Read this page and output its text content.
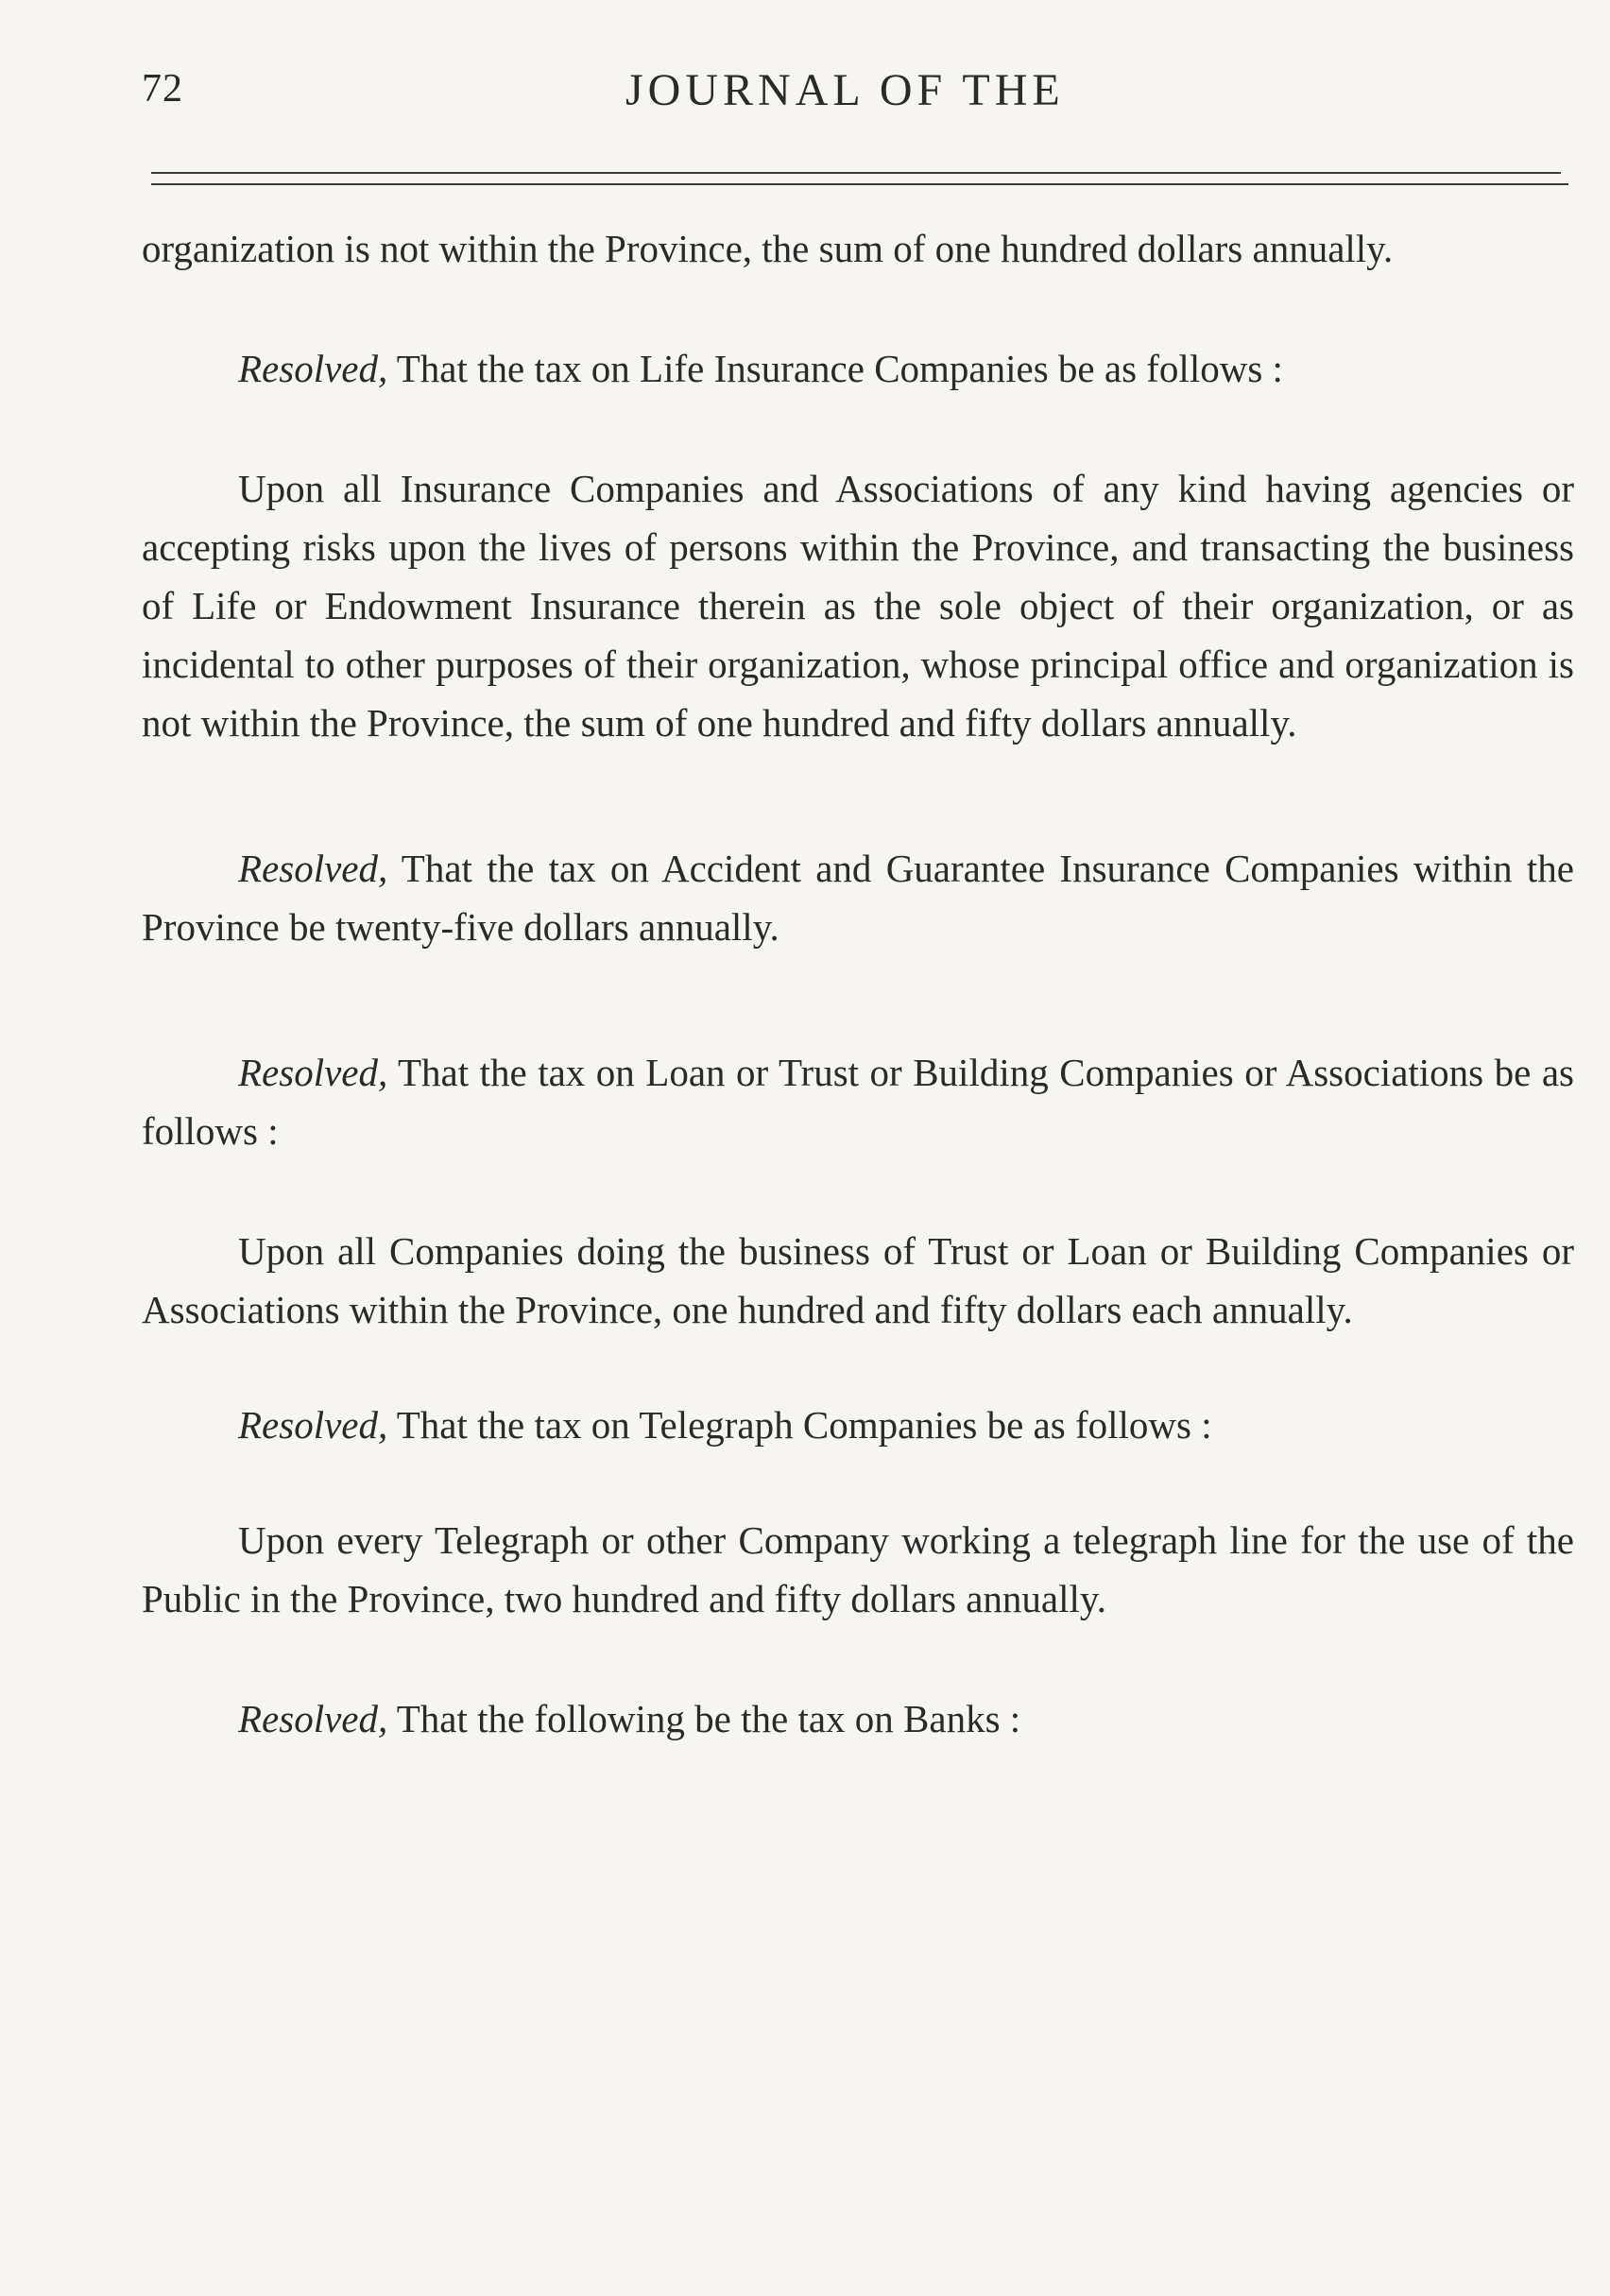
72	JOURNAL OF THE

organization is not within the Province, the sum of one hundred dollars annually.

Resolved, That the tax on Life Insurance Companies be as follows :

Upon all Insurance Companies and Associations of any kind having agencies or accepting risks upon the lives of persons within the Province, and transacting the business of Life or Endowment Insurance therein as the sole object of their organization, or as incidental to other purposes of their organization, whose principal office and organization is not within the Province, the sum of one hundred and fifty dollars annually.

Resolved, That the tax on Accident and Guarantee Insurance Companies within the Province be twenty-five dollars annually.

Resolved, That the tax on Loan or Trust or Building Companies or Associations be as follows :

Upon all Companies doing the business of Trust or Loan or Building Companies or Associations within the Province, one hundred and fifty dollars each annually.

Resolved, That the tax on Telegraph Companies be as follows :

Upon every Telegraph or other Company working a telegraph line for the use of the Public in the Province, two hundred and fifty dollars annually.

Resolved, That the following be the tax on Banks :
